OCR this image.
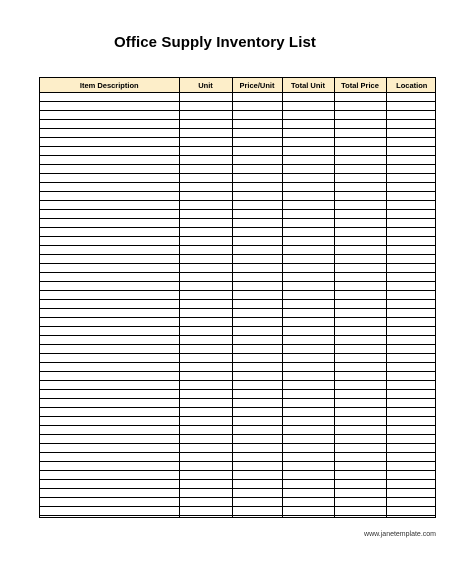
Office Supply Inventory List
Item Description	Unit	Price/Unit	Total Unit	Total Price	Location

www.janetemplate.com
